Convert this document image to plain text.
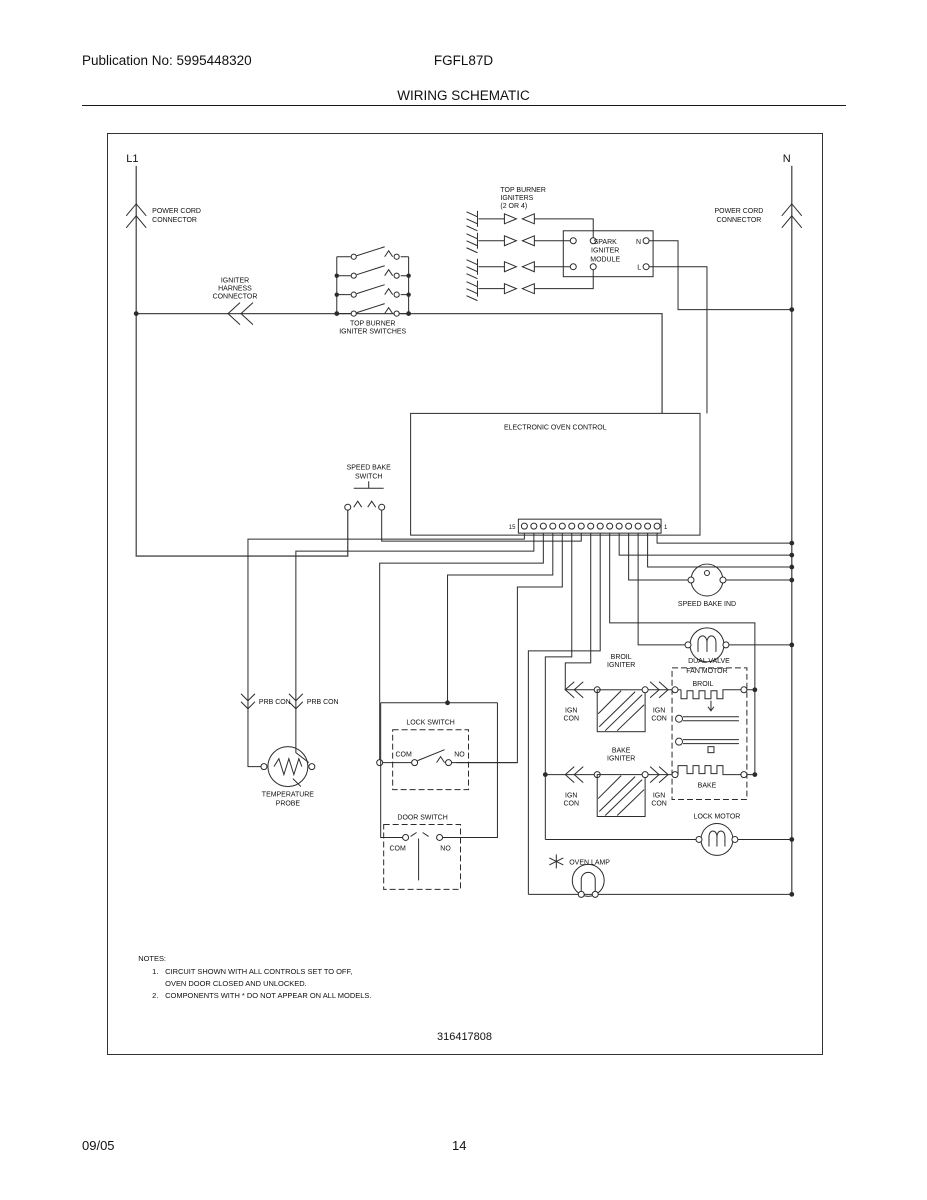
Publication No: 5995448320	FGFL87D
WIRING SCHEMATIC
L1	N
POWER CORD
CONNECTOR
POWER CORD
CONNECTOR
IGNITER
HARNESS
CONNECTOR
TOP BURNER
IGNITER SWITCHES
TOP BURNER
IGNITERS
(2 OR 4)
SPARK
IGNITER
MODULE
N
L
ELECTRONIC OVEN CONTROL
15	1
SPEED BAKE
SWITCH
SPEED BAKE IND
FAN MOTOR
PRB CON PRB CON
TEMPERATURE
PROBE
LOCK SWITCH
COM	NO
DOOR SWITCH
COM	NO
BROIL
IGNITER
IGN
CON
IGN
CON
BAKE
IGNITER
IGN
CON
IGN
CON
DUAL VALVE
BROIL
BAKE
LOCK MOTOR
OVEN LAMP
NOTES:
1. CIRCUIT SHOWN WITH ALL CONTROLS SET TO OFF,
OVEN DOOR CLOSED AND UNLOCKED.
2. COMPONENTS WITH * DO NOT APPEAR ON ALL MODELS.
316417808
09/05	14
